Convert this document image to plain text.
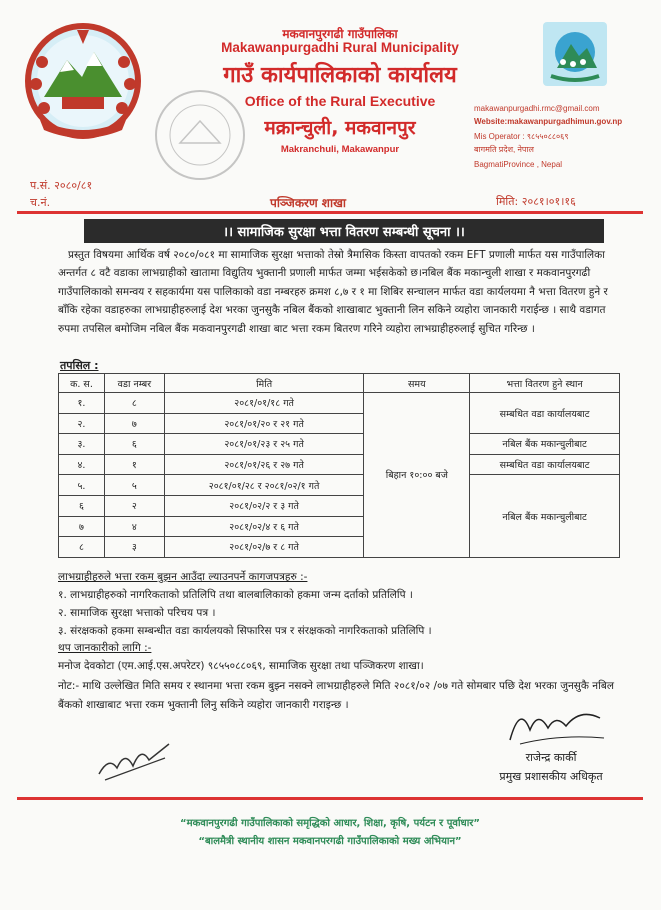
मकवानपुरगढी गाउँपालिका
Makawanpurgadhi Rural Municipality
गाउँ कार्यपालिकाको कार्यालय
Office of the Rural Executive
मक्रान्चुली, मकवानपुर
Makranchuli, Makawanpur
makawanpurgadhi.rmc@gmail.com
Website:makawanpurgadhimun.gov.np
Mis Operator : ९८५५०८८०६९
बागमति प्रदेश, नेपाल
BagmatiProvince , Nepal
प.सं. २०८०/८१
च.नं.	पञ्जिकरण शाखा	मिति: २०८१।०१।१६
।। सामाजिक सुरक्षा भत्ता वितरण सम्बन्धी सूचना ।।
प्रस्तुत विषयमा आर्थिक वर्ष २०८०/०८१ मा सामाजिक सुरक्षा भत्ताको तेस्रो त्रैमासिक किस्ता वापतको रकम EFT प्रणाली मार्फत यस गाउँपालिका अन्तर्गत ८ वटै वडाका लाभग्राहीको खातामा विद्युतिय भुक्तानी प्रणाली मार्फत जम्मा भईसकेको छ।नबिल बैंक मकान्चुली शाखा र मकवानपुरगढी गाउँपालिकाको समन्वय र सहकार्यमा यस पालिकाको वडा नम्बरहरु क्रमश ८,७ र १ मा शिबिर सन्चालन मार्फत वडा कार्यलयमा नै भत्ता वितरण हुने र बाँकि रहेका वडाहरुका लाभग्राहीहरुलाई देश भरका जुनसुकै नबिल बैंकको शाखाबाट भुक्तानी लिन सकिने व्यहोरा जानकारी गराईन्छ । साथै वडागत रुपमा तपसिल बमोजिम नबिल बैंक मकवानपुरगढी शाखा बाट भत्ता रकम बितरण गरिने व्यहोरा लाभग्राहीहरुलाई सुचित गरिन्छ ।
तपसिल :
क. स.	वडा नम्बर	मिति	समय	भत्ता वितरण हुने स्थान
१.	८	२०८१/०१/१८ गते	बिहान १०:०० बजे	सम्बधित वडा कार्यालयबाट
२.	७	२०८१/०१/२० र २१ गते		
३.	६	२०८१/०१/२३ र २५ गते		नबिल बैंक मकान्चुलीबाट
४.	१	२०८१/०१/२६ र २७ गते		सम्बधित वडा कार्यालयबाट
५.	५	२०८१/०१/२८ र २०८१/०२/१ गते		नबिल बैंक मकान्चुलीबाट
६	२	२०८१/०२/२ र ३ गते		
७	४	२०८१/०२/४ र ६ गते		
८	३	२०८१/०२/७ र ८ गते		
लाभग्राहीहरुले भत्ता रकम बुझन आउँदा ल्याउनपर्ने कागजपत्रहरु :-
१. लाभग्राहीहरुको नागरिकताको प्रतिलिपि तथा बालबालिकाको हकमा जन्म दर्ताको प्रतिलिपि ।
२. सामाजिक सुरक्षा भत्ताको परिचय पत्र ।
३. संरक्षकको हकमा सम्बन्धीत वडा कार्यलयको सिफारिस पत्र र संरक्षकको नागरिकताको प्रतिलिपि ।
थप जानकारीको लागि :-
मनोज देवकोटा (एम.आई.एस.अपरेटर) ९८५५०८८०६९, सामाजिक सुरक्षा तथा पञ्जिकरण शाखा।
नोट:- माथि उल्लेखित मिति समय र स्थानमा भत्ता रकम बुझ्न नसक्ने लाभग्राहीहरुले मिति २०८१/०२ /०७ गते सोमबार पछि देश भरका जुनसुकै नबिल बैंकको शाखाबाट भत्ता रकम भुक्तानी लिनु सकिने व्यहोरा जानकारी गराइन्छ ।
राजेन्द्र कार्की
प्रमुख प्रशासकीय अधिकृत
“मकवानपुरगढी गाउँपालिकाको समृद्धिको आधार, शिक्षा, कृषि, पर्यटन र पूर्वाधार”
“बालमैत्री स्थानीय शासन मकवानपरगढी गाउँपालिकाको मख्य अभियान”
